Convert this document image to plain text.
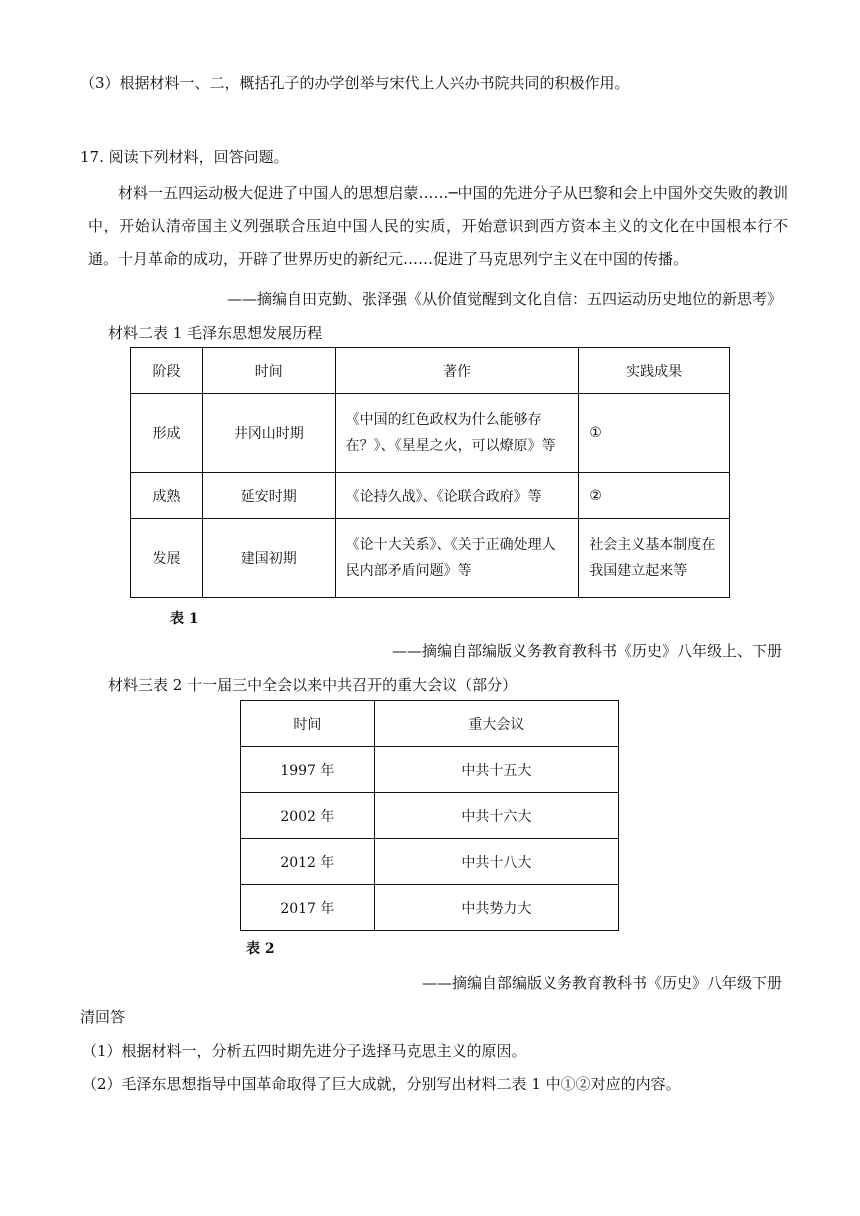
（3）根据材料一、二，概括孔子的办学创举与宋代上人兴办书院共同的积极作用。
17. 阅读下列材料，回答问题。
材料一五四运动极大促进了中国人的思想启蒙……─中国的先进分子从巴黎和会上中国外交失败的教训中，开始认清帝国主义列强联合压迫中国人民的实质，开始意识到西方资本主义的文化在中国根本行不通。十月革命的成功，开辟了世界历史的新纪元……促进了马克思列宁主义在中国的传播。
——摘编自田克勤、张泽强《从价值觉醒到文化自信：五四运动历史地位的新思考》
材料二表 1 毛泽东思想发展历程
阶段	时间	著作	实践成果
形成	井冈山时期	《中国的红色政权为什么能够存在？》、《星星之火，可以燎原》等	①
成熟	延安时期	《论持久战》、《论联合政府》等	②
发展	建国初期	《论十大关系》、《关于正确处理人民内部矛盾问题》等	社会主义基本制度在我国建立起来等
表 1
——摘编自部编版义务教育教科书《历史》八年级上、下册
材料三表 2 十一届三中全会以来中共召开的重大会议（部分）
时间	重大会议
1997 年	中共十五大
2002 年	中共十六大
2012 年	中共十八大
2017 年	中共势力大
表 2
——摘编自部编版义务教育教科书《历史》八年级下册
清回答
（1）根据材料一，分析五四时期先进分子选择马克思主义的原因。
（2）毛泽东思想指导中国革命取得了巨大成就，分别写出材料二表 1 中①②对应的内容。
